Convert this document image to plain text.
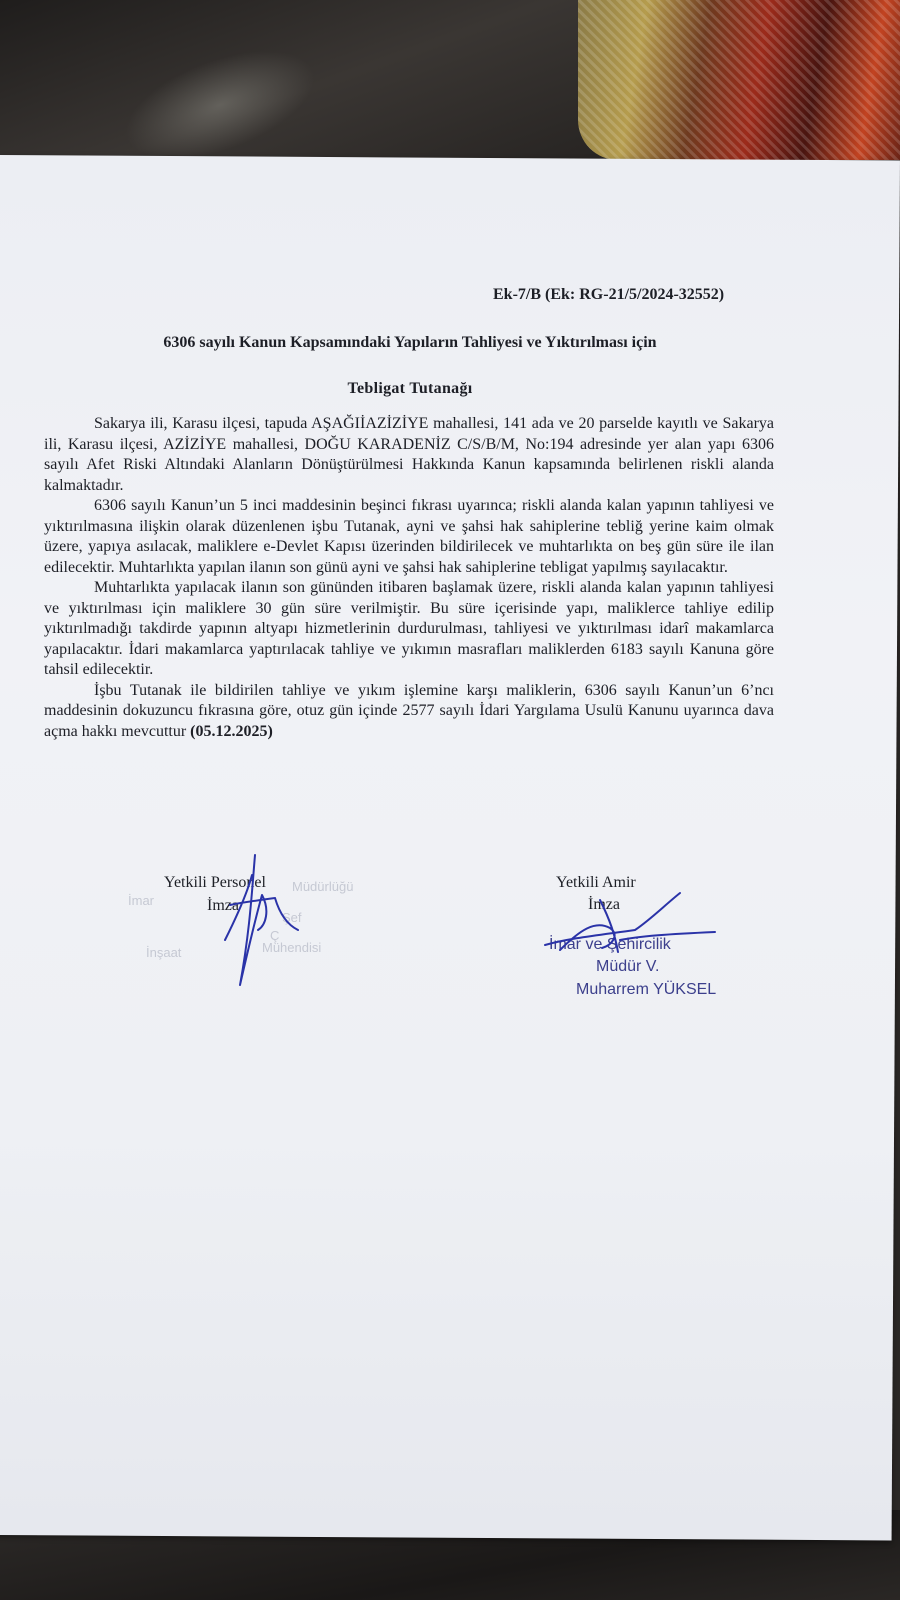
Ek-7/B (Ek: RG-21/5/2024-32552)
6306 sayılı Kanun Kapsamındaki Yapıların Tahliyesi ve Yıktırılması için
Tebligat Tutanağı

Sakarya ili, Karasu ilçesi, tapuda AŞAĞIİAZİZİYE mahallesi, 141 ada ve 20 parselde kayıtlı ve Sakarya ili, Karasu ilçesi, AZİZİYE mahallesi, DOĞU KARADENİZ C/S/B/M, No:194 adresinde yer alan yapı 6306 sayılı Afet Riski Altındaki Alanların Dönüştürülmesi Hakkında Kanun kapsamında belirlenen riskli alanda kalmaktadır.

6306 sayılı Kanun’un 5 inci maddesinin beşinci fıkrası uyarınca; riskli alanda kalan yapının tahliyesi ve yıktırılmasına ilişkin olarak düzenlenen işbu Tutanak, ayni ve şahsi hak sahiplerine tebliğ yerine kaim olmak üzere, yapıya asılacak, maliklere e-Devlet Kapısı üzerinden bildirilecek ve muhtarlıkta on beş gün süre ile ilan edilecektir. Muhtarlıkta yapılan ilanın son günü ayni ve şahsi hak sahiplerine tebligat yapılmış sayılacaktır.

Muhtarlıkta yapılacak ilanın son gününden itibaren başlamak üzere, riskli alanda kalan yapının tahliyesi ve yıktırılması için maliklere 30 gün süre verilmiştir. Bu süre içerisinde yapı, maliklerce tahliye edilip yıktırılmadığı takdirde yapının altyapı hizmetlerinin durdurulması, tahliyesi ve yıktırılması idarî makamlarca yapılacaktır. İdari makamlarca yaptırılacak tahliye ve yıkımın masrafları maliklerden 6183 sayılı Kanuna göre tahsil edilecektir.

İşbu Tutanak ile bildirilen tahliye ve yıkım işlemine karşı maliklerin, 6306 sayılı Kanun’un 6’ncı maddesinin dokuzuncu fıkrasına göre, otuz gün içinde 2577 sayılı İdari Yargılama Usulü Kanunu uyarınca dava açma hakkı mevcuttur (05.12.2025)

İmar
Müdürlüğü
Şef
Ç
İnşaat	Mühendisi
Yetkili Personel
İmza
Yetkili Amir
İmza
İmar ve Şehircilik
Müdür V.
Muharrem YÜKSEL
